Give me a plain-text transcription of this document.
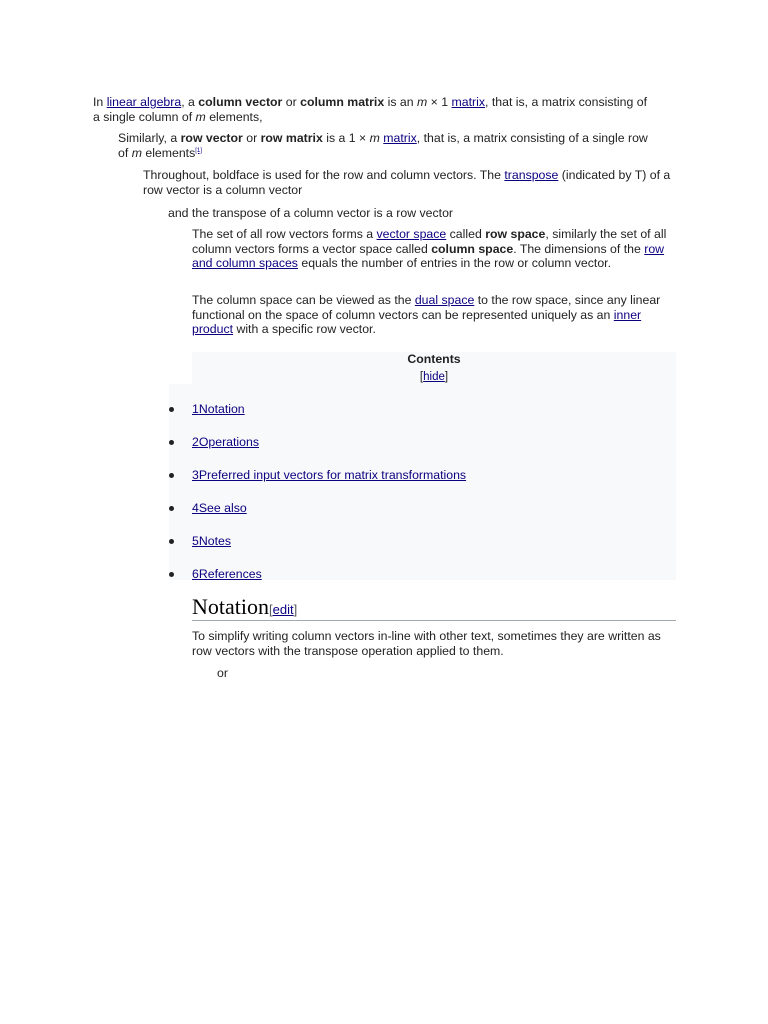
In linear algebra, a column vector or column matrix is an m × 1 matrix, that is, a matrix consisting of a single column of m elements,

Similarly, a row vector or row matrix is a 1 × m matrix, that is, a matrix consisting of a single row of m elements[1]

Throughout, boldface is used for the row and column vectors. The transpose (indicated by T) of a row vector is a column vector

and the transpose of a column vector is a row vector

The set of all row vectors forms a vector space called row space, similarly the set of all column vectors forms a vector space called column space. The dimensions of the row and column spaces equals the number of entries in the row or column vector.

The column space can be viewed as the dual space to the row space, since any linear functional on the space of column vectors can be represented uniquely as an inner product with a specific row vector.

Contents
[hide]
1Notation
2Operations
3Preferred input vectors for matrix transformations
4See also
5Notes
6References
Notation[edit]

To simplify writing column vectors in-line with other text, sometimes they are written as row vectors with the transpose operation applied to them.

or
